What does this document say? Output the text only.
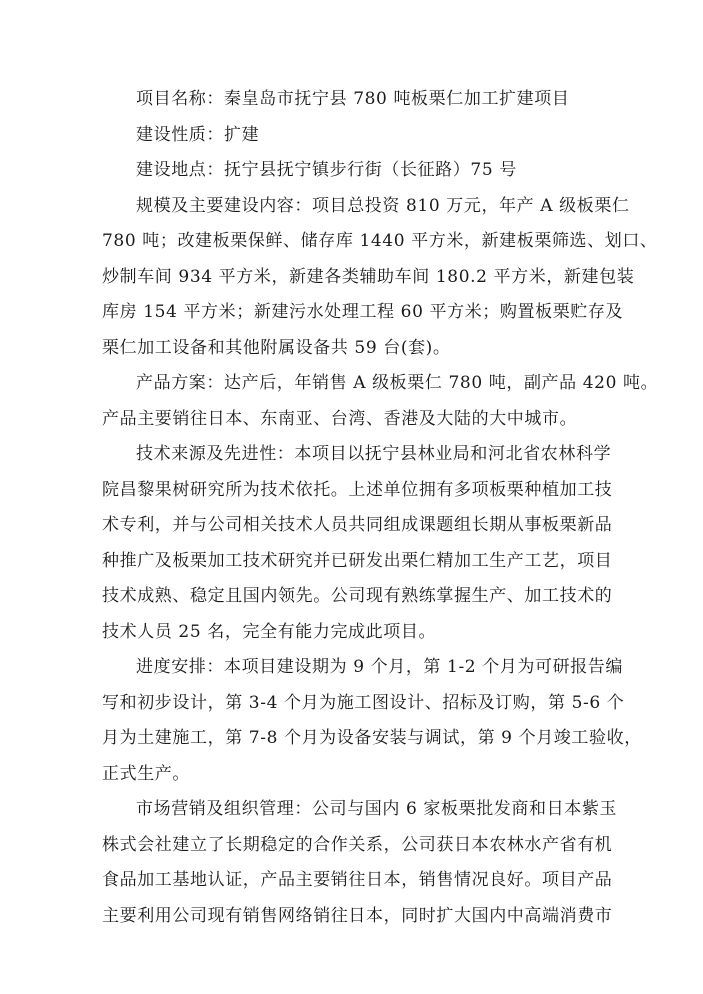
项目名称：秦皇岛市抚宁县 780 吨板栗仁加工扩建项目
建设性质：扩建
建设地点：抚宁县抚宁镇步行街（长征路）75 号
规模及主要建设内容：项目总投资 810 万元，年产 A 级板栗仁
780 吨；改建板栗保鲜、储存库 1440 平方米，新建板栗筛选、划口、
炒制车间 934 平方米，新建各类辅助车间 180.2 平方米，新建包装
库房 154 平方米；新建污水处理工程 60 平方米；购置板栗贮存及
栗仁加工设备和其他附属设备共 59 台(套)。
产品方案：达产后，年销售 A 级板栗仁 780 吨，副产品 420 吨。
产品主要销往日本、东南亚、台湾、香港及大陆的大中城市。
技术来源及先进性：本项目以抚宁县林业局和河北省农林科学
院昌黎果树研究所为技术依托。上述单位拥有多项板栗种植加工技
术专利，并与公司相关技术人员共同组成课题组长期从事板栗新品
种推广及板栗加工技术研究并已研发出栗仁精加工生产工艺，项目
技术成熟、稳定且国内领先。公司现有熟练掌握生产、加工技术的
技术人员 25 名，完全有能力完成此项目。
进度安排：本项目建设期为 9 个月，第 1-2 个月为可研报告编
写和初步设计，第 3-4 个月为施工图设计、招标及订购，第 5-6 个
月为土建施工，第 7-8 个月为设备安装与调试，第 9 个月竣工验收，
正式生产。
市场营销及组织管理：公司与国内 6 家板栗批发商和日本紫玉
株式会社建立了长期稳定的合作关系，公司获日本农林水产省有机
食品加工基地认证，产品主要销往日本，销售情况良好。项目产品
主要利用公司现有销售网络销往日本，同时扩大国内中高端消费市
